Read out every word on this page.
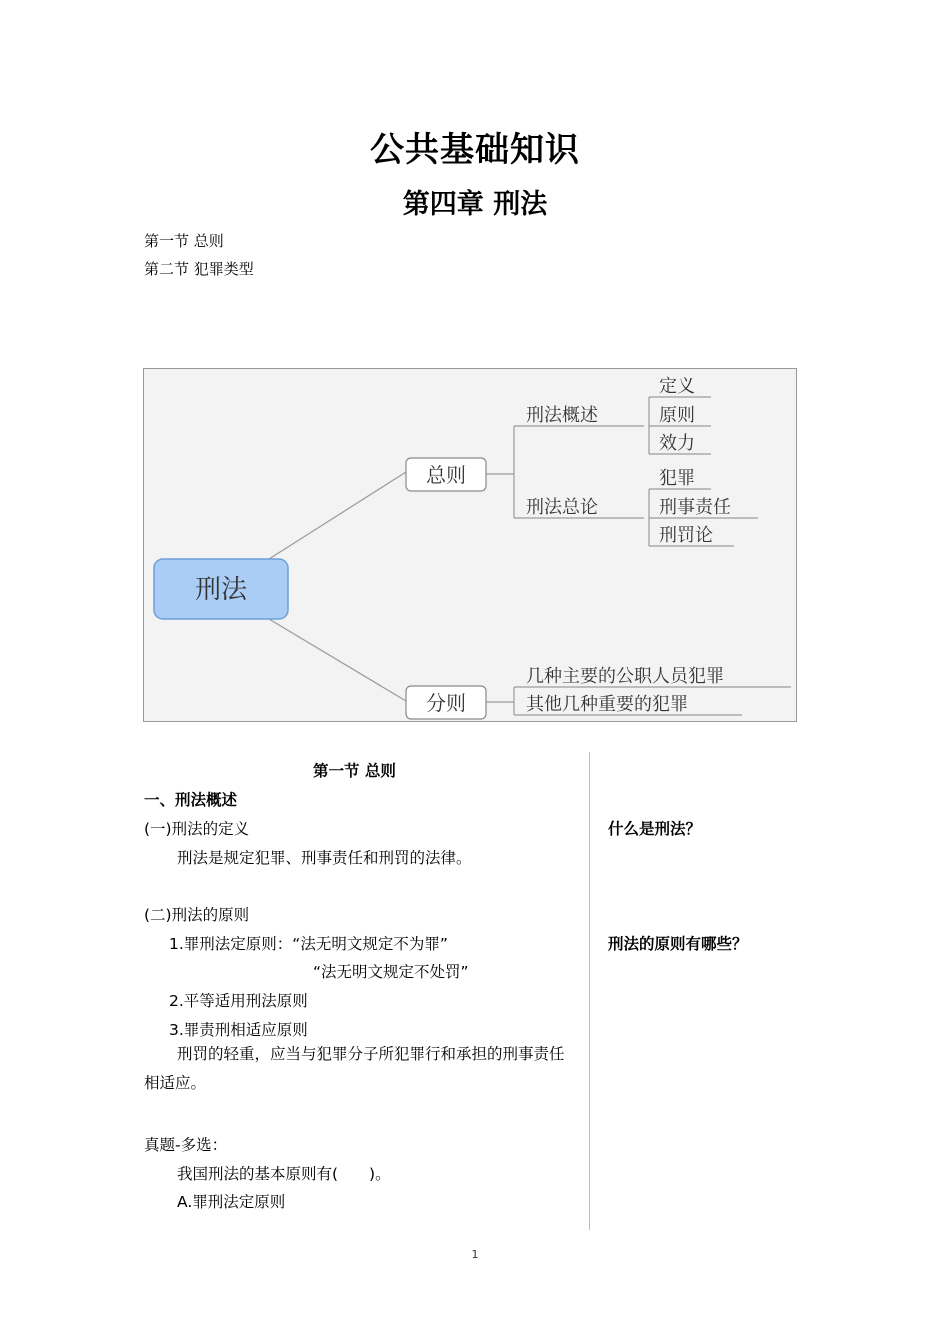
公共基础知识
第四章 刑法
第一节 总则
第二节 犯罪类型
刑法
总则
刑法概述
刑法总论
定义
原则
效力
犯罪
刑事责任
刑罚论
分则
几种主要的公职人员犯罪
其他几种重要的犯罪
第一节 总则
一、刑法概述
(一)刑法的定义
刑法是规定犯罪、刑事责任和刑罚的法律。
(二)刑法的原则
1.罪刑法定原则：“法无明文规定不为罪”
“法无明文规定不处罚”
2.平等适用刑法原则
3.罪责刑相适应原则
刑罚的轻重，应当与犯罪分子所犯罪行和承担的刑事责任相适应。
真题-多选：
我国刑法的基本原则有(　　)。
A.罪刑法定原则
什么是刑法？
刑法的原则有哪些？
1
